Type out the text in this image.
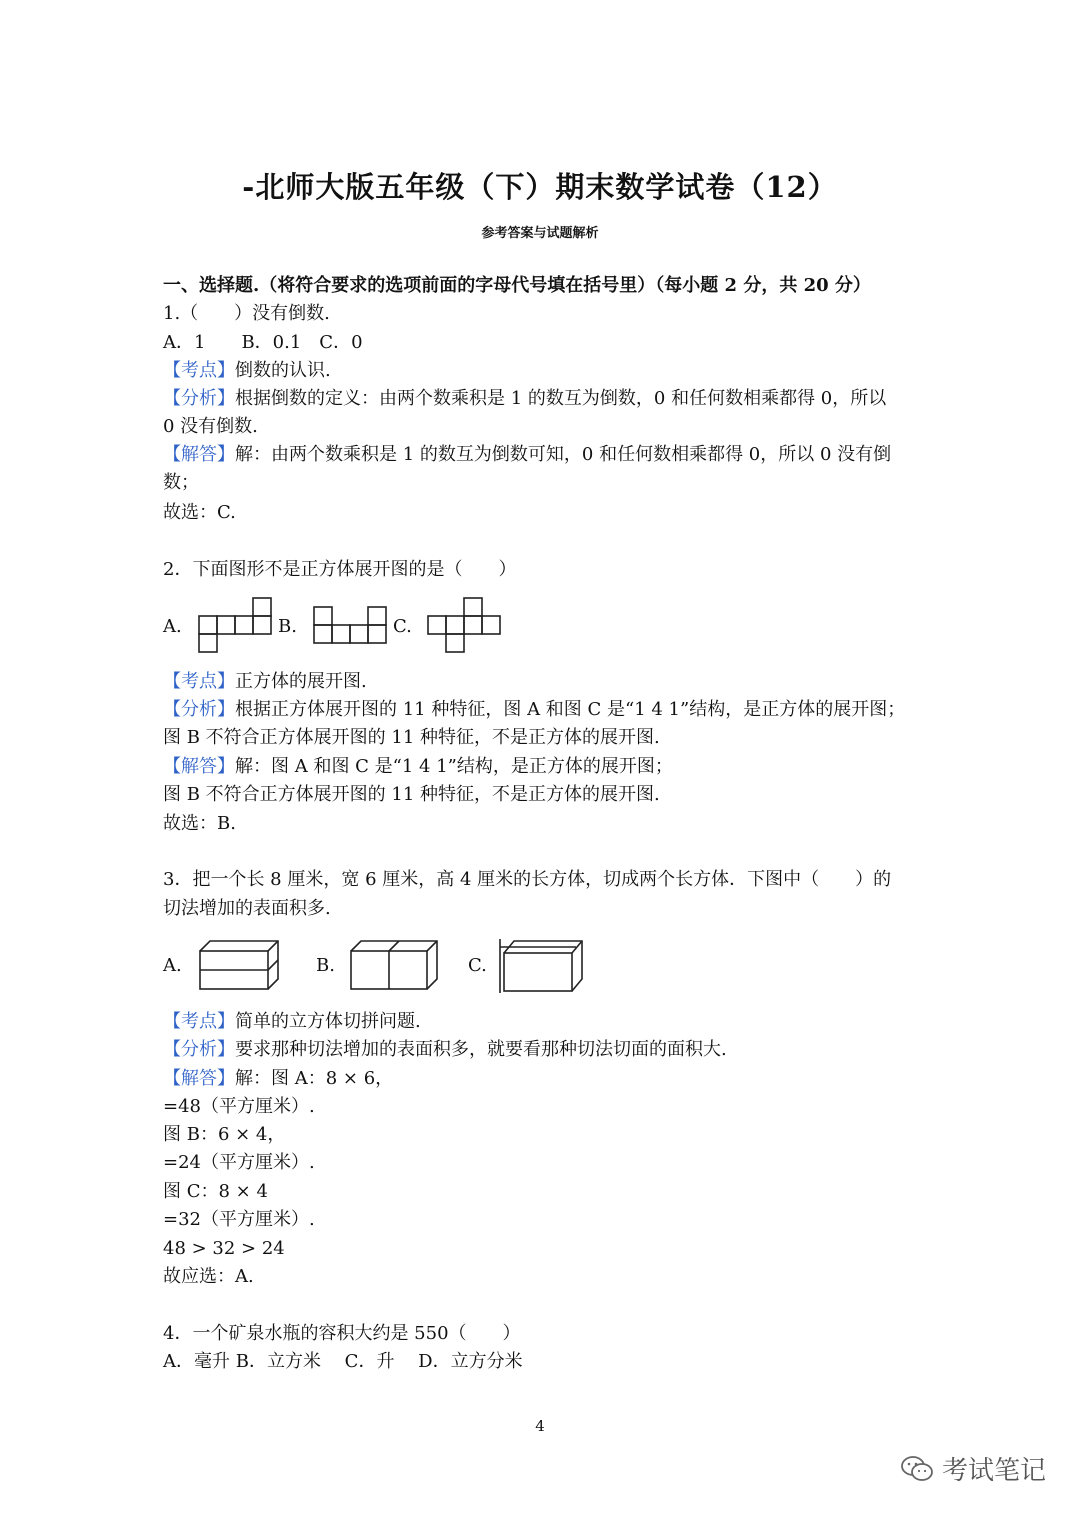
-北师大版五年级（下）期末数学试卷（12）
参考答案与试题解析
一、选择题.（将符合要求的选项前面的字母代号填在括号里）（每小题 2 分，共 20 分）
1.（　　）没有倒数.
A．1　　B．0.1　C．0
【考点】倒数的认识.
【分析】根据倒数的定义：由两个数乘积是 1 的数互为倒数，0 和任何数相乘都得 0，所以
0 没有倒数.
【解答】解：由两个数乘积是 1 的数互为倒数可知，0 和任何数相乘都得 0，所以 0 没有倒
数；
故选：C.
2．下面图形不是正方体展开图的是（　　）
A.	B.	C.
【考点】正方体的展开图.
【分析】根据正方体展开图的 11 种特征，图 A 和图 C 是“1 4 1”结构，是正方体的展开图；
图 B 不符合正方体展开图的 11 种特征，不是正方体的展开图.
【解答】解：图 A 和图 C 是“1 4 1”结构，是正方体的展开图；
图 B 不符合正方体展开图的 11 种特征，不是正方体的展开图.
故选：B.
3．把一个长 8 厘米，宽 6 厘米，高 4 厘米的长方体，切成两个长方体．下图中（　　）的
切法增加的表面积多.
A.	B.	C.
【考点】简单的立方体切拼问题.
【分析】要求那种切法增加的表面积多，就要看那种切法切面的面积大.
【解答】解：图 A：8 × 6，
=48（平方厘米）.
图 B：6 × 4，
=24（平方厘米）.
图 C：8 × 4
=32（平方厘米）.
48 > 32 > 24
故应选：A.
4．一个矿泉水瓶的容积大约是 550（　　）
A．毫升 B．立方米　 C．升　 D．立方分米
4
考试笔记
